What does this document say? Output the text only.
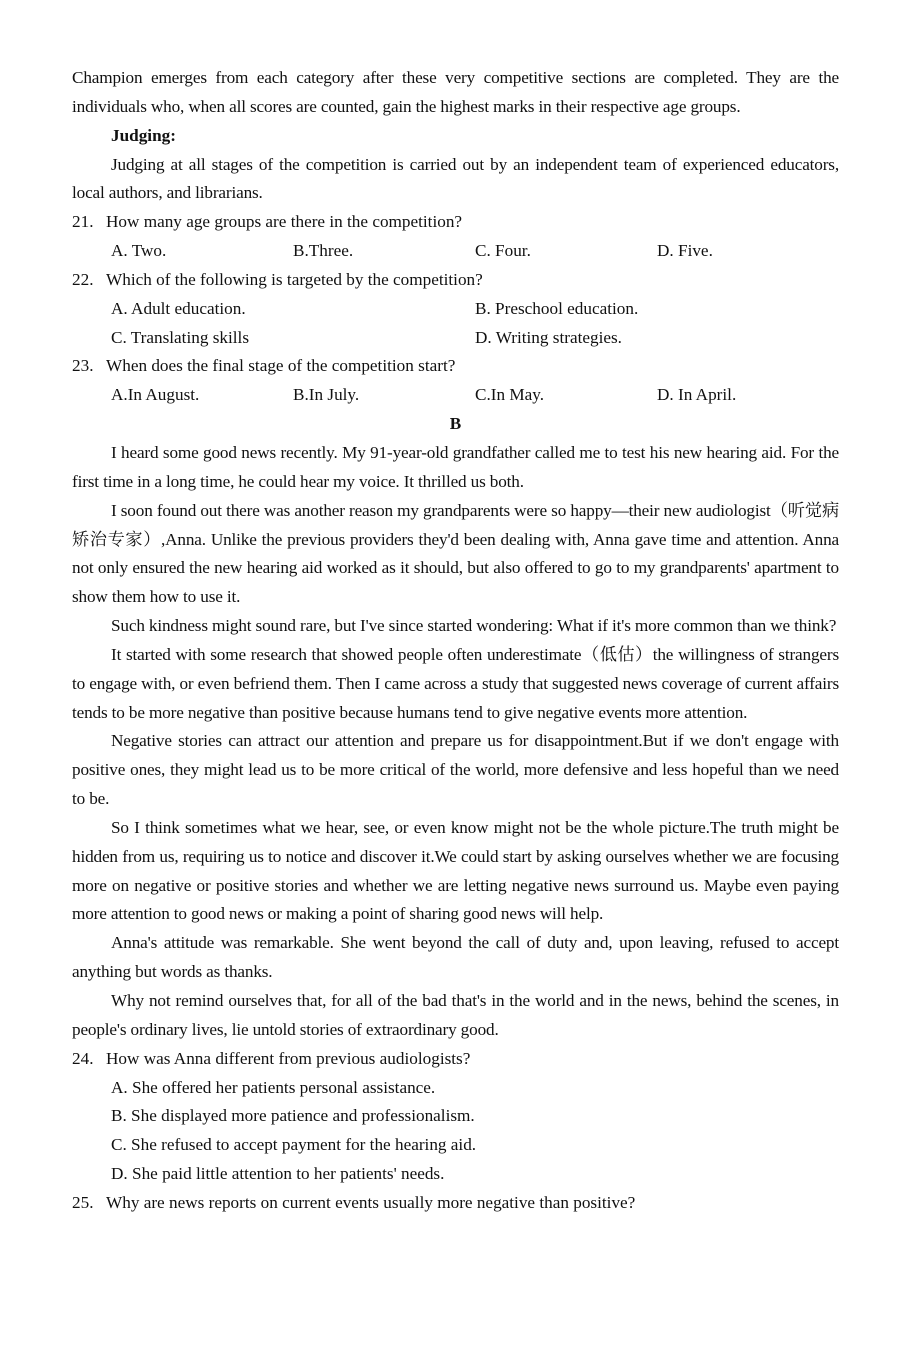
Champion emerges from each category after these very competitive sections are completed. They are the individuals who, when all scores are counted, gain the highest marks in their respective age groups.

Judging:

Judging at all stages of the competition is carried out by an independent team of experienced educators, local authors, and librarians.

21. How many age groups are there in the competition?

A. Two.	B.Three.	C. Four.	D. Five.

22. Which of the following is targeted by the competition?

A. Adult education.	B. Preschool education.
C. Translating skills	D. Writing strategies.

23. When does the final stage of the competition start?

A.In August.	B.In July.	C.In May.	D. In April.

B

I heard some good news recently. My 91-year-old grandfather called me to test his new hearing aid. For the first time in a long time, he could hear my voice. It thrilled us both.

I soon found out there was another reason my grandparents were so happy—their new audiologist（听觉病矫治专家）,Anna. Unlike the previous providers they'd been dealing with, Anna gave time and attention. Anna not only ensured the new hearing aid worked as it should, but also offered to go to my grandparents' apartment to show them how to use it.

Such kindness might sound rare, but I've since started wondering: What if it's more common than we think?

It started with some research that showed people often underestimate（低估）the willingness of strangers to engage with, or even befriend them. Then I came across a study that suggested news coverage of current affairs tends to be more negative than positive because humans tend to give negative events more attention.

Negative stories can attract our attention and prepare us for disappointment.But if we don't engage with positive ones, they might lead us to be more critical of the world, more defensive and less hopeful than we need to be.

So I think sometimes what we hear, see, or even know might not be the whole picture.The truth might be hidden from us, requiring us to notice and discover it.We could start by asking ourselves whether we are focusing more on negative or positive stories and whether we are letting negative news surround us. Maybe even paying more attention to good news or making a point of sharing good news will help.

Anna's attitude was remarkable. She went beyond the call of duty and, upon leaving, refused to accept anything but words as thanks.

Why not remind ourselves that, for all of the bad that's in the world and in the news, behind the scenes, in people's ordinary lives, lie untold stories of extraordinary good.

24. How was Anna different from previous audiologists?

A. She offered her patients personal assistance.

B. She displayed more patience and professionalism.

C. She refused to accept payment for the hearing aid.

D. She paid little attention to her patients' needs.

25. Why are news reports on current events usually more negative than positive?
